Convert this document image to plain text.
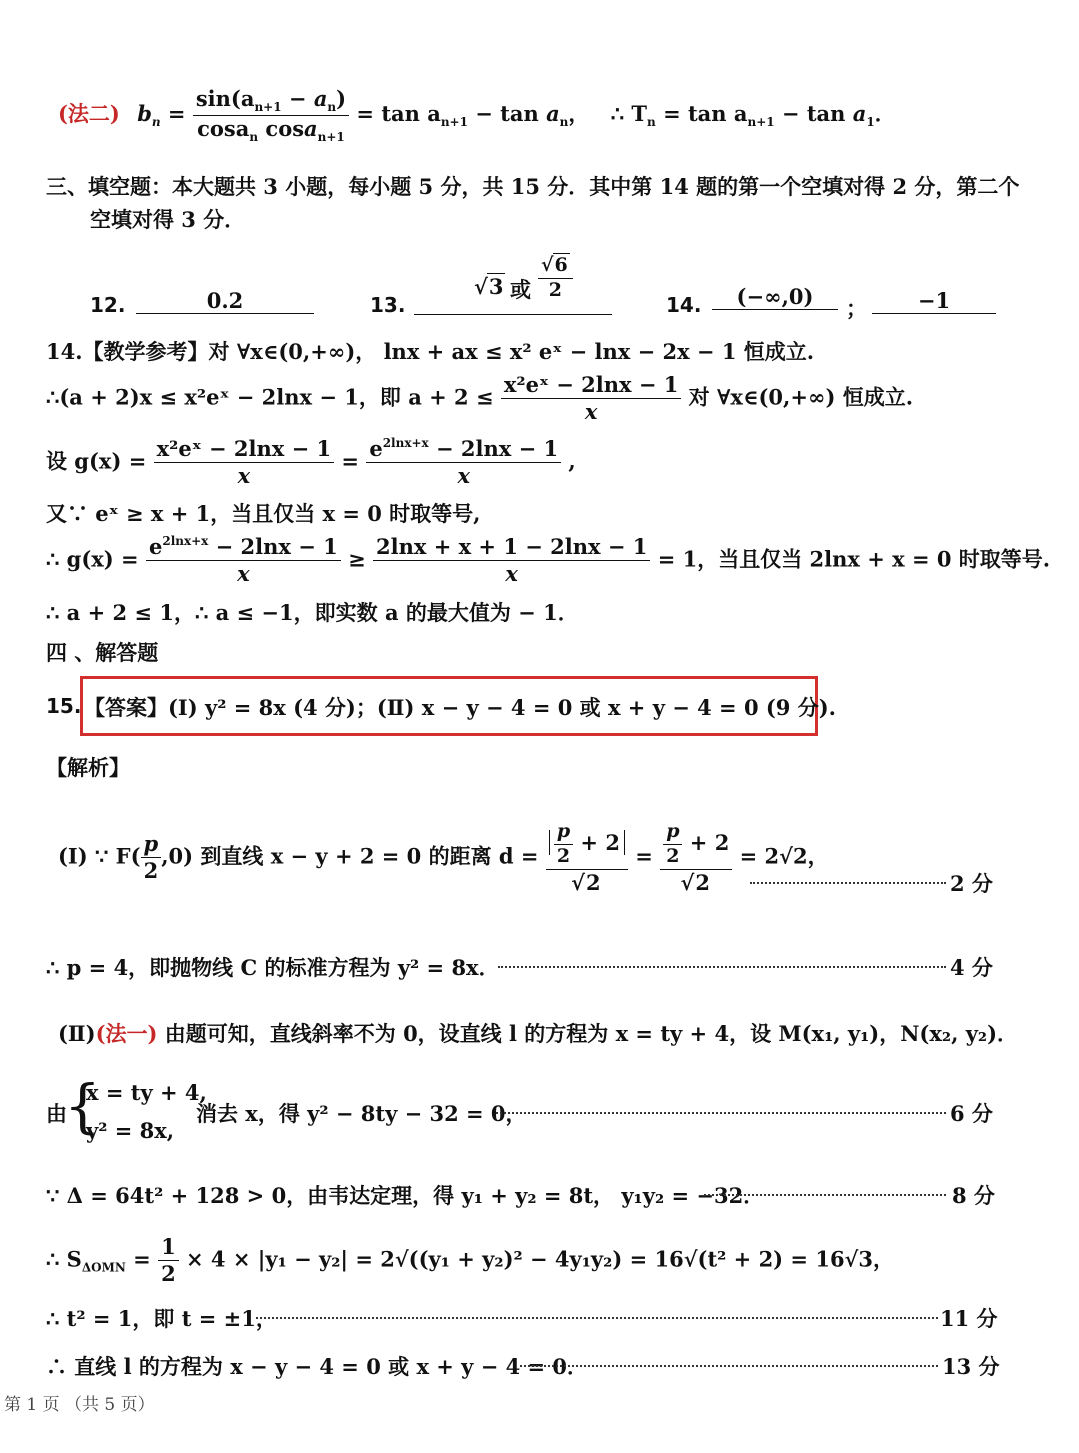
(法二) $b_n = \frac{\sin(a_{n+1} - a_n)}{\cos a_n \cos a_{n+1}} = \tan a_{n+1} - \tan a_n$， ∴ $T_n = \tan a_{n+1} - \tan a_1$．
三、填空题：本大题共 3 小题，每小题 5 分，共 15 分．其中第 14 题的第一个空填对得 2 分，第二个
空填对得 3 分．
12.	0.2	13.
√3 或 $\frac{√6}{2}$
14.	(−∞,0)	；	−1
14.【教学参考】对 ∀x∈(0,+∞)， lnx + ax ≤ x² eˣ − lnx − 2x − 1 恒成立.
∴(a + 2)x ≤ x²eˣ − 2lnx − 1，即 $a + 2 \le \frac{\text{x²eˣ − 2lnx − 1}}{x}$ 对 ∀x∈(0,+∞) 恒成立.
设 $g(x) = \frac{\text{x²eˣ − 2lnx − 1}}{x} = \frac{e^{2lnx+x} - 2\ln x - 1}{x}$ ,
又∵ eˣ ≥ x + 1，当且仅当 x = 0 时取等号,
∴ $g(x) = \frac{e^{2lnx+x} - 2\ln x - 1}{x} \ge \frac{2\ln x + x + 1 - 2\ln x - 1}{x} = 1$，当且仅当 2lnx + x = 0 时取等号.
∴ a + 2 ≤ 1，∴ a ≤ −1，即实数 a 的最大值为 − 1．
四 、解答题
15. 【答案】(Ⅰ) y² = 8x (4 分)；(Ⅱ) x − y − 4 = 0 或 x + y − 4 = 0 (9 分).
【解析】
(Ⅰ) ∵ $F( \frac{p}{2} ,0)$ 到直线 x − y + 2 = 0 的距离 $d = \frac{\frac{p}{2} + 2}{√2} = \frac{\frac{p}{2} + 2}{√2} = 2√2$，
2 分
∴ p = 4，即抛物线 C 的标准方程为 y² = 8x．	4 分
(Ⅱ)(法一) 由题可知，直线斜率不为 0，设直线 l 的方程为 x = ty + 4，设 M(x₁, y₁)，N(x₂, y₂)．
由
{
x = ty + 4,
y² = 8x,
消去 x，得 y² − 8ty − 32 = 0，	6 分
∵ Δ = 64t² + 128 > 0，由韦达定理，得 y₁ + y₂ = 8t， y₁y₂ = −32．	8 分
∴ $S_{\Delta OMN} = \frac{1}{2} \times 4 \times |y_1 - y_2| = 2√((y_1 + y_2)^2 - 4y_1y_2) = 16√(t^2 + 2) = 16√3$，
∴ t² = 1，即 t = ±1，	11 分
∴ 直线 l 的方程为 x − y − 4 = 0 或 x + y − 4 = 0．	13 分
第 1 页 （共 5 页）
